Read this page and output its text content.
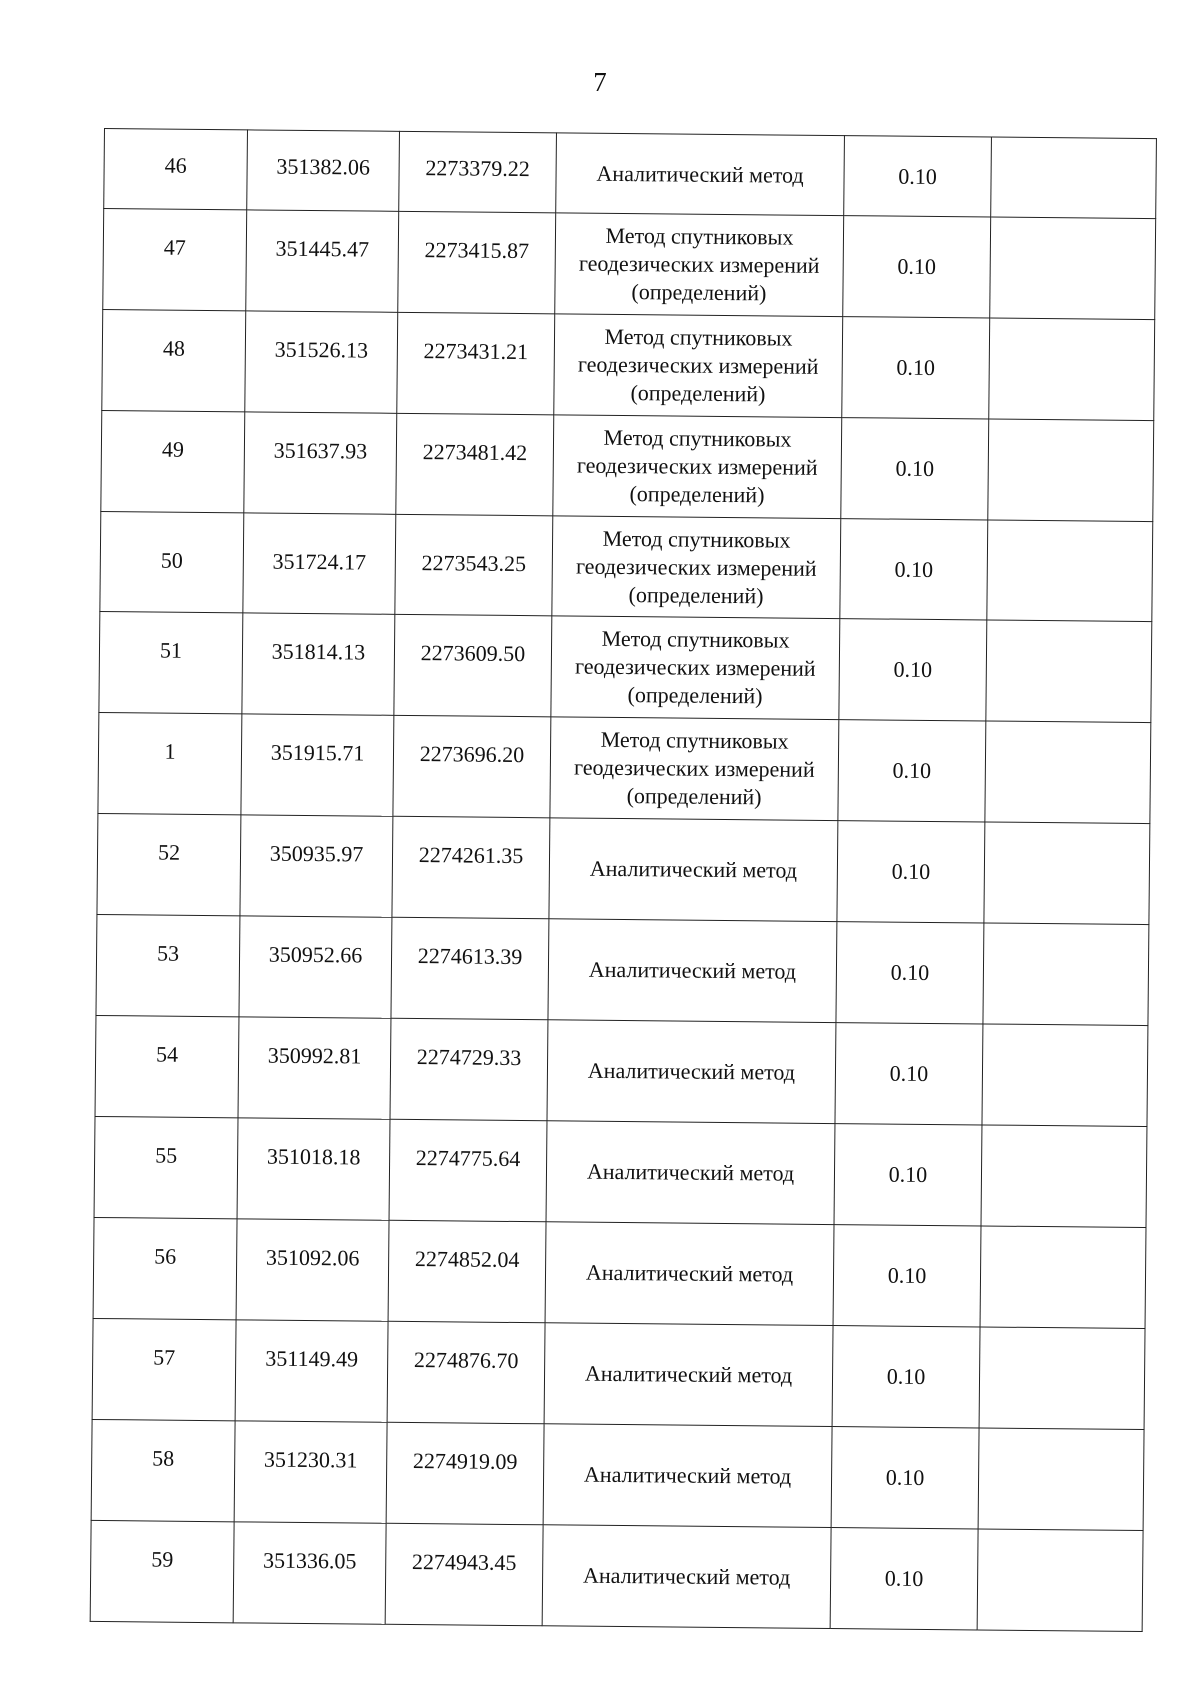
7
46	351382.06	2273379.22	Аналитический метод	0.10	
47	351445.47	2273415.87	Метод спутниковых геодезических измерений (определений)	0.10	
48	351526.13	2273431.21	Метод спутниковых геодезических измерений (определений)	0.10	
49	351637.93	2273481.42	Метод спутниковых геодезических измерений (определений)	0.10	
50	351724.17	2273543.25	Метод спутниковых геодезических измерений (определений)	0.10	
51	351814.13	2273609.50	Метод спутниковых геодезических измерений (определений)	0.10	
1	351915.71	2273696.20	Метод спутниковых геодезических измерений (определений)	0.10	
52	350935.97	2274261.35	Аналитический метод	0.10	
53	350952.66	2274613.39	Аналитический метод	0.10	
54	350992.81	2274729.33	Аналитический метод	0.10	
55	351018.18	2274775.64	Аналитический метод	0.10	
56	351092.06	2274852.04	Аналитический метод	0.10	
57	351149.49	2274876.70	Аналитический метод	0.10	
58	351230.31	2274919.09	Аналитический метод	0.10	
59	351336.05	2274943.45	Аналитический метод	0.10	
